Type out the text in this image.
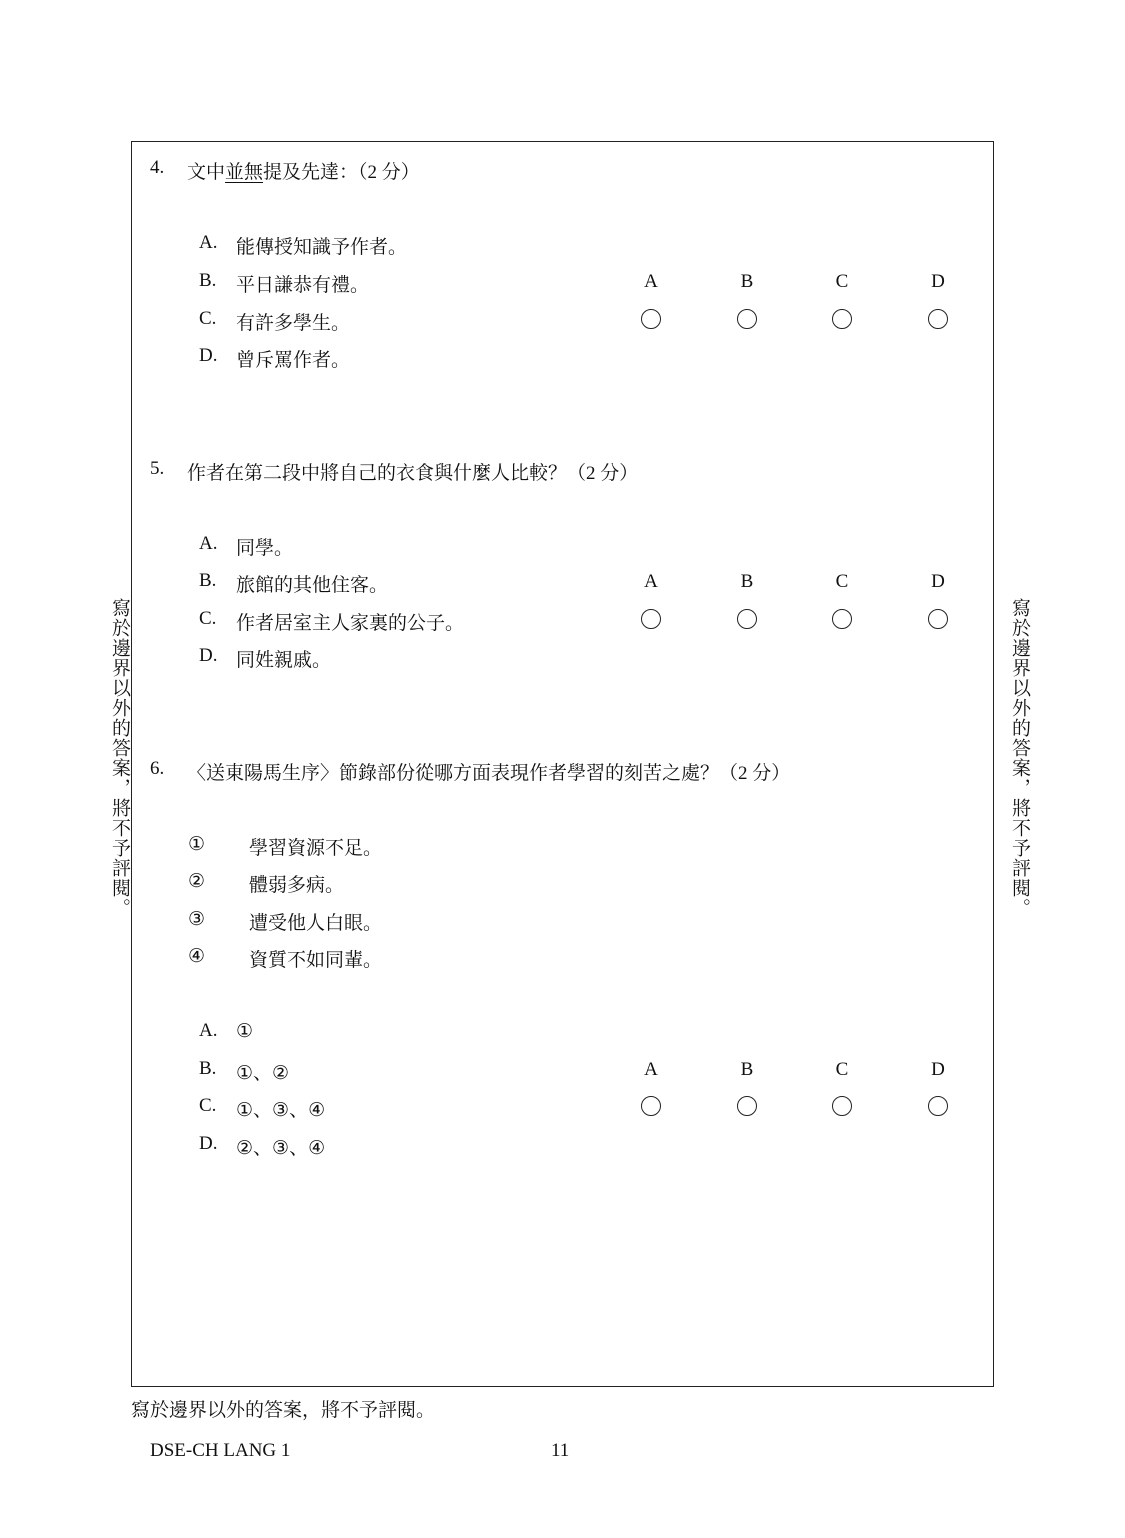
寫於邊界以外的答案，將不予評閱。	寫於邊界以外的答案，將不予評閱。
4. 文中並無提及先達：（2 分）
A. 能傳授知識予作者。
B.	平日謙恭有禮。
C.	有許多學生。
D. 曾斥罵作者。
A	B	C	D
5. 作者在第二段中將自己的衣食與什麼人比較？（2 分）
A. 同學。
B.	旅館的其他住客。
C.	作者居室主人家裏的公子。
D. 同姓親戚。
A	B	C	D
6. 〈送東陽馬生序〉節錄部份從哪方面表現作者學習的刻苦之處？（2 分）
①	學習資源不足。
②	體弱多病。
③	遭受他人白眼。
④	資質不如同輩。
A. ①
B.	①、②
C.	①、③、④
D. ②、③、④
A	B	C	D
寫於邊界以外的答案，將不予評閱。
DSE-CH LANG 1	11
